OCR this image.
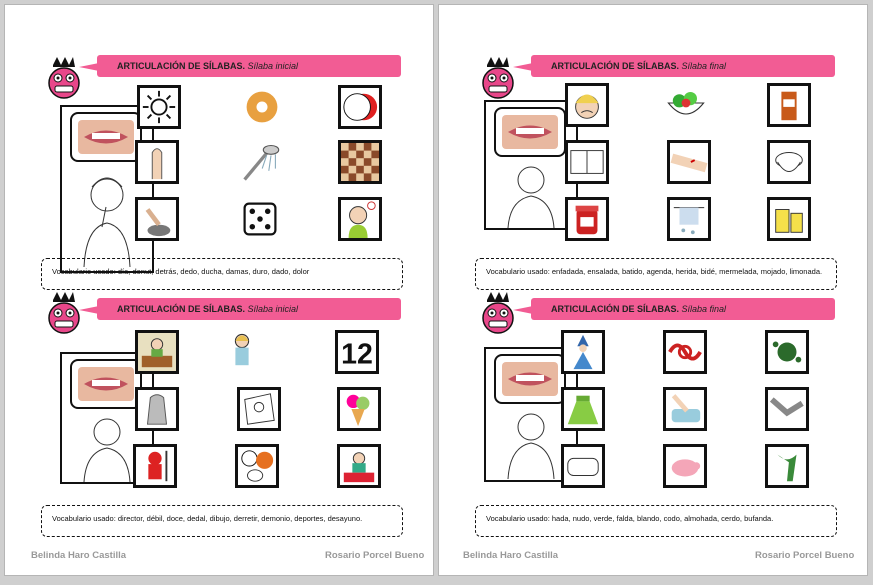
ARTICULACIÓN DE SÍLABAS. Sílaba inicial
Vocabulario usado: día, donut, detrás, dedo, ducha, damas, duro, dado, dolor
ARTICULACIÓN DE SÍLABAS. Sílaba inicial
12
Vocabulario usado: director, débil, doce, dedal, dibujo, derretir, demonio, deportes, desayuno.
Belinda Haro Castilla	Rosario Porcel Bueno
ARTICULACIÓN DE SÍLABAS. Sílaba final
Vocabulario usado: enfadada, ensalada, batido, agenda, herida, bidé, mermelada, mojado, limonada.
ARTICULACIÓN DE SÍLABAS. Sílaba final
Vocabulario usado: hada, nudo, verde, falda, blando, codo, almohada, cerdo, bufanda.
Belinda Haro Castilla	Rosario Porcel Bueno
